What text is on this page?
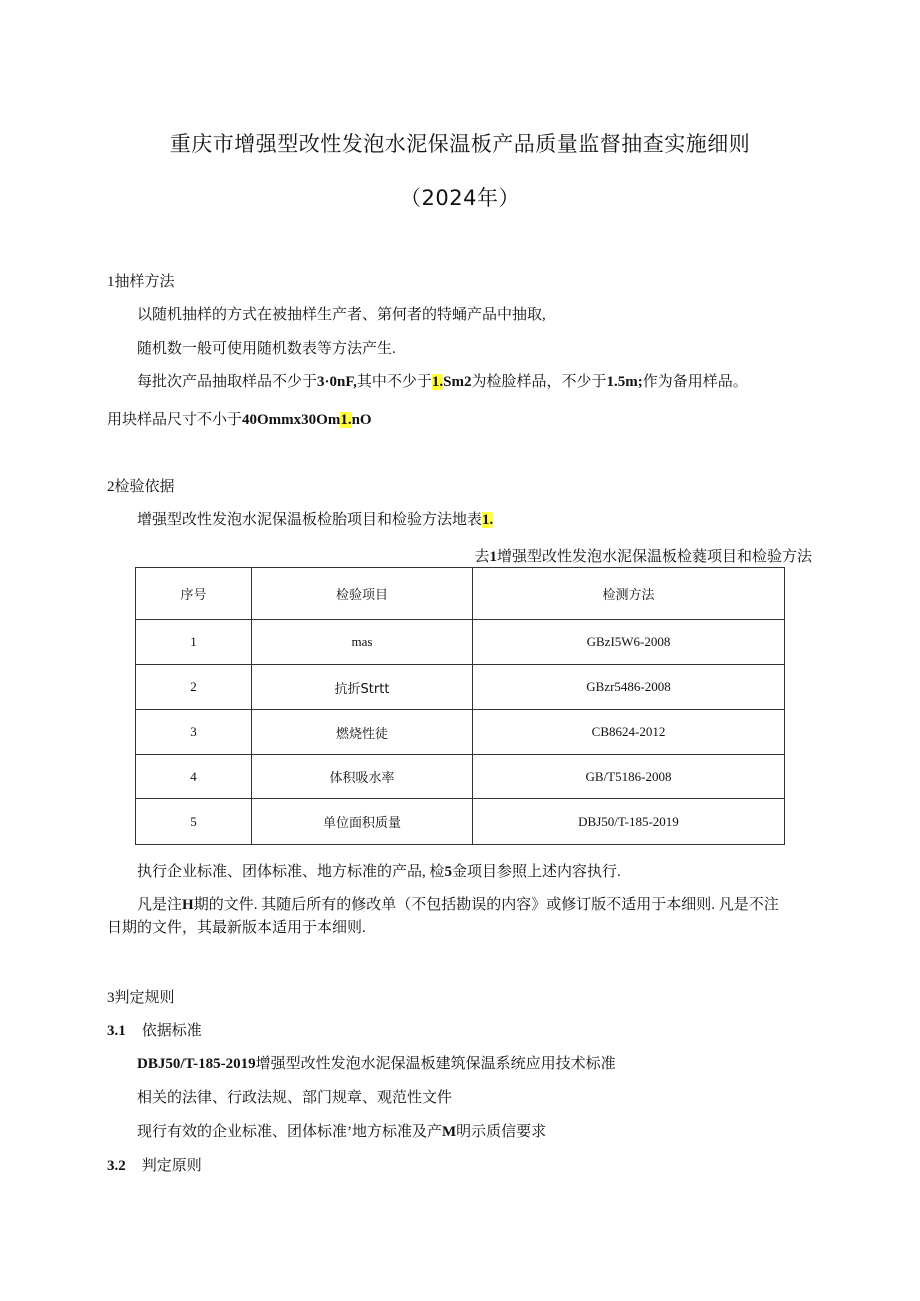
重庆市增强型改性发泡水泥保温板产品质量监督抽查实施细则
（2024年）
1抽样方法
以随机抽样的方式在被抽样生产者、第何者的特蛹产品中抽取,
随机数一般可使用随机数表等方法产生.
每批次产品抽取样品不少于3·0nF,其中不少于1.Sm2为检脸样品，不少于1.5m;作为备用样品。
用块样品尺寸不小于40Ommx30Om1.nO
2检验依据
增强型改性发泡水泥保温板检胎项目和检验方法地表1.
去1增强型改性发泡水泥保温板检蕤项目和检验方法
序号	检验项目	检测方法
1	mas	GBzI5W6-2008
2	抗折Strtt	GBzr5486-2008
3	燃烧性徒	CB8624-2012
4	体积吸水率	GB/T5186-2008
5	单位面积质量	DBJ50/T-185-2019
执行企业标准、团体标准、地方标准的产品, 检5金项目参照上述内容执行.
凡是注H期的文件. 其随后所有的修改单（不包括勘误的内容》或修订版不适用于本细则. 凡是不注
日期的文件，其最新版本适用于本细则.
3判定规则
3.1 依据标准
DBJ50/T-185-2019增强型改性发泡水泥保温板建筑保温系统应用技术标准
相关的法律、行政法规、部门规章、观范性文件
现行有效的企业标准、团体标准’地方标准及产M明示质信要求
3.2 判定原则
